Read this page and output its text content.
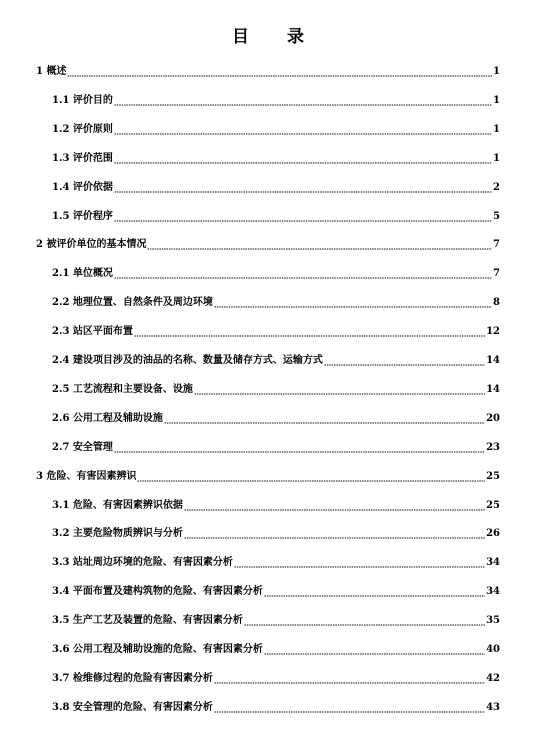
目 录
1 概述	1
1.1 评价目的	1
1.2 评价原则	1
1.3 评价范围	1
1.4 评价依据	2
1.5 评价程序	5
2 被评价单位的基本情况	7
2.1 单位概况	7
2.2 地理位置、自然条件及周边环境	8
2.3 站区平面布置	12
2.4 建设项目涉及的油品的名称、数量及储存方式、运输方式	14
2.5 工艺流程和主要设备、设施	14
2.6 公用工程及辅助设施	20
2.7 安全管理	23
3 危险、有害因素辨识	25
3.1 危险、有害因素辨识依据	25
3.2 主要危险物质辨识与分析	26
3.3 站址周边环境的危险、有害因素分析	34
3.4 平面布置及建构筑物的危险、有害因素分析	34
3.5 生产工艺及装置的危险、有害因素分析	35
3.6 公用工程及辅助设施的危险、有害因素分析	40
3.7 检维修过程的危险有害因素分析	42
3.8 安全管理的危险、有害因素分析	43
